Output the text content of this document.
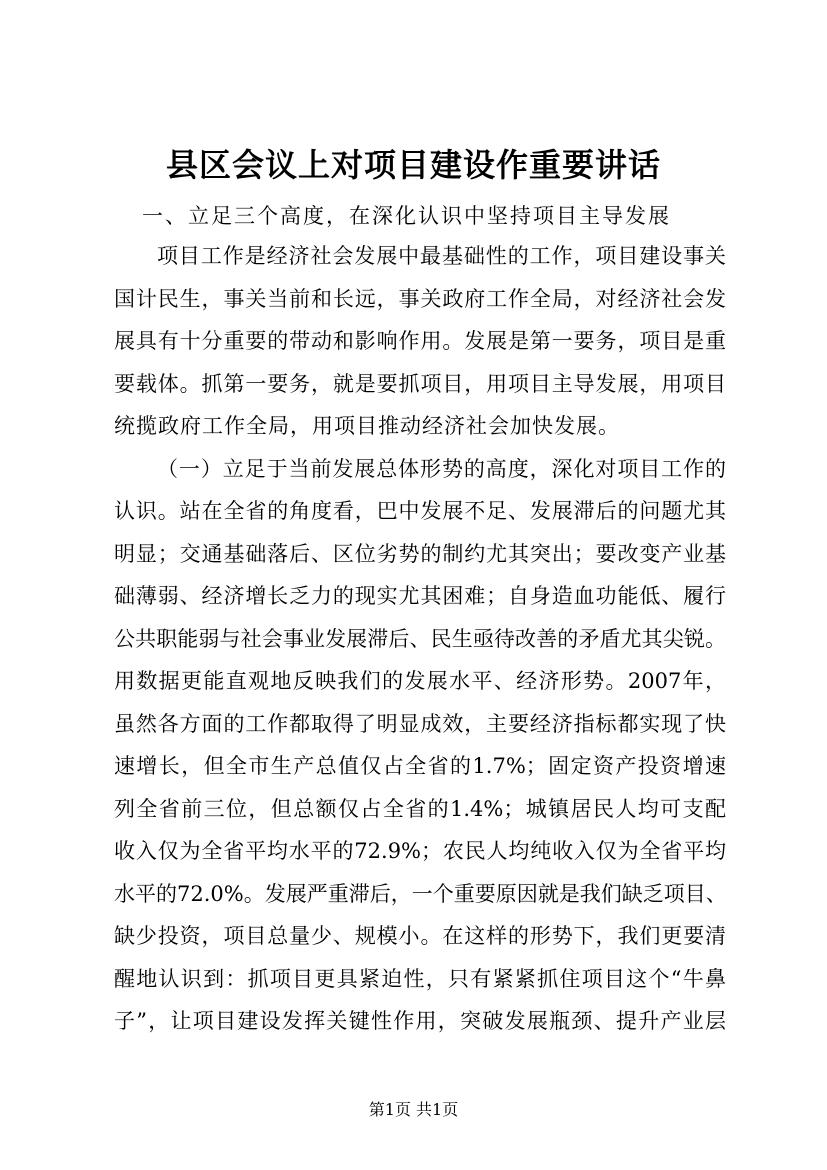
县区会议上对项目建设作重要讲话
一、立足三个高度，在深化认识中坚持项目主导发展
项目工作是经济社会发展中最基础性的工作，项目建设事关
国计民生，事关当前和长远，事关政府工作全局，对经济社会发
展具有十分重要的带动和影响作用。发展是第一要务，项目是重
要载体。抓第一要务，就是要抓项目，用项目主导发展，用项目
统揽政府工作全局，用项目推动经济社会加快发展。
（一）立足于当前发展总体形势的高度，深化对项目工作的
认识。站在全省的角度看，巴中发展不足、发展滞后的问题尤其
明显；交通基础落后、区位劣势的制约尤其突出；要改变产业基
础薄弱、经济增长乏力的现实尤其困难；自身造血功能低、履行
公共职能弱与社会事业发展滞后、民生亟待改善的矛盾尤其尖锐。
用数据更能直观地反映我们的发展水平、经济形势。2007年，
虽然各方面的工作都取得了明显成效，主要经济指标都实现了快
速增长，但全市生产总值仅占全省的1.7%；固定资产投资增速
列全省前三位，但总额仅占全省的1.4%；城镇居民人均可支配
收入仅为全省平均水平的72.9%；农民人均纯收入仅为全省平均
水平的72.0%。发展严重滞后，一个重要原因就是我们缺乏项目、
缺少投资，项目总量少、规模小。在这样的形势下，我们更要清
醒地认识到：抓项目更具紧迫性，只有紧紧抓住项目这个“牛鼻
子”，让项目建设发挥关键性作用，突破发展瓶颈、提升产业层
第1页 共1页
